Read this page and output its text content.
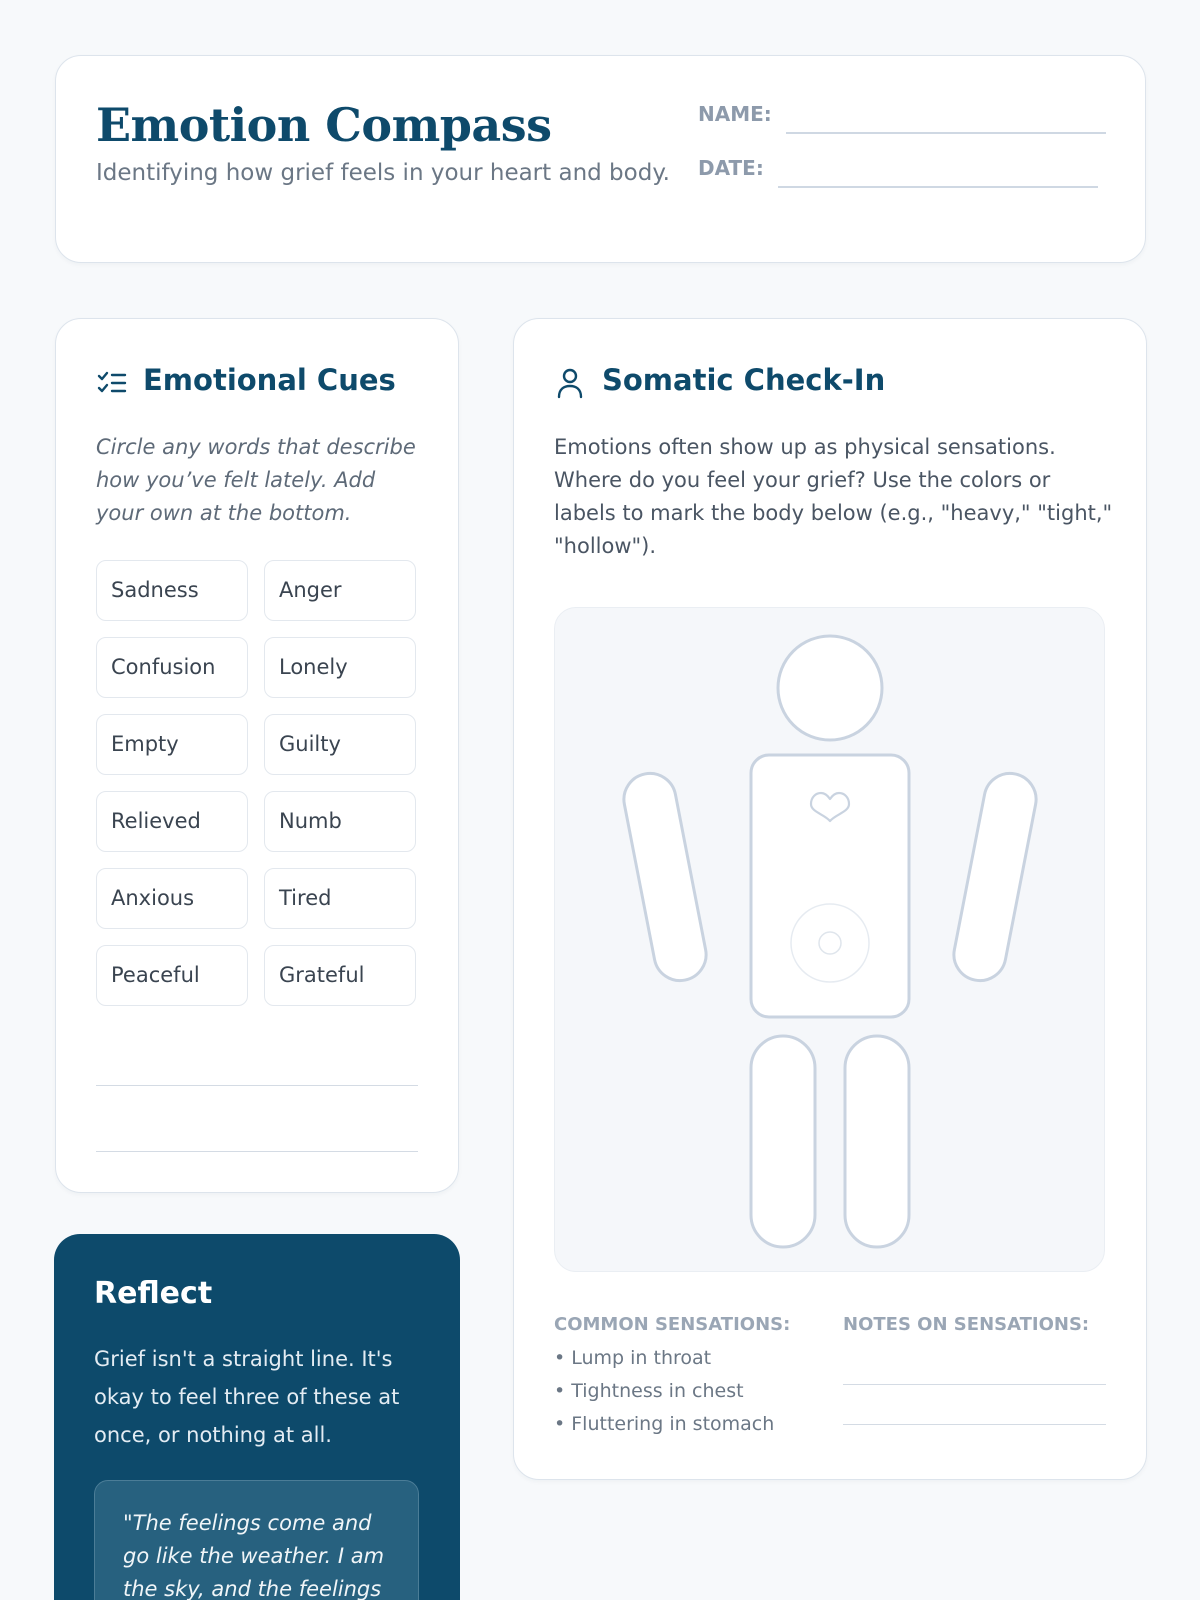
Emotion Compass
Identifying how grief feels in your heart and body.
NAME:
DATE:
Emotional Cues
Circle any words that describe how you’ve felt lately. Add your own at the bottom.
Sadness	Anger
Confusion	Lonely
Empty	Guilty
Relieved	Numb
Anxious	Tired
Peaceful	Grateful
Reflect
Grief isn't a straight line. It's okay to feel three of these at once, or nothing at all.
"The feelings come and go like the weather. I am the sky, and the feelings
Somatic Check-In
Emotions often show up as physical sensations. Where do you feel your grief? Use the colors or labels to mark the body below (e.g., "heavy," "tight," "hollow").
COMMON SENSATIONS:
• Lump in throat
• Tightness in chest
• Fluttering in stomach
NOTES ON SENSATIONS:
